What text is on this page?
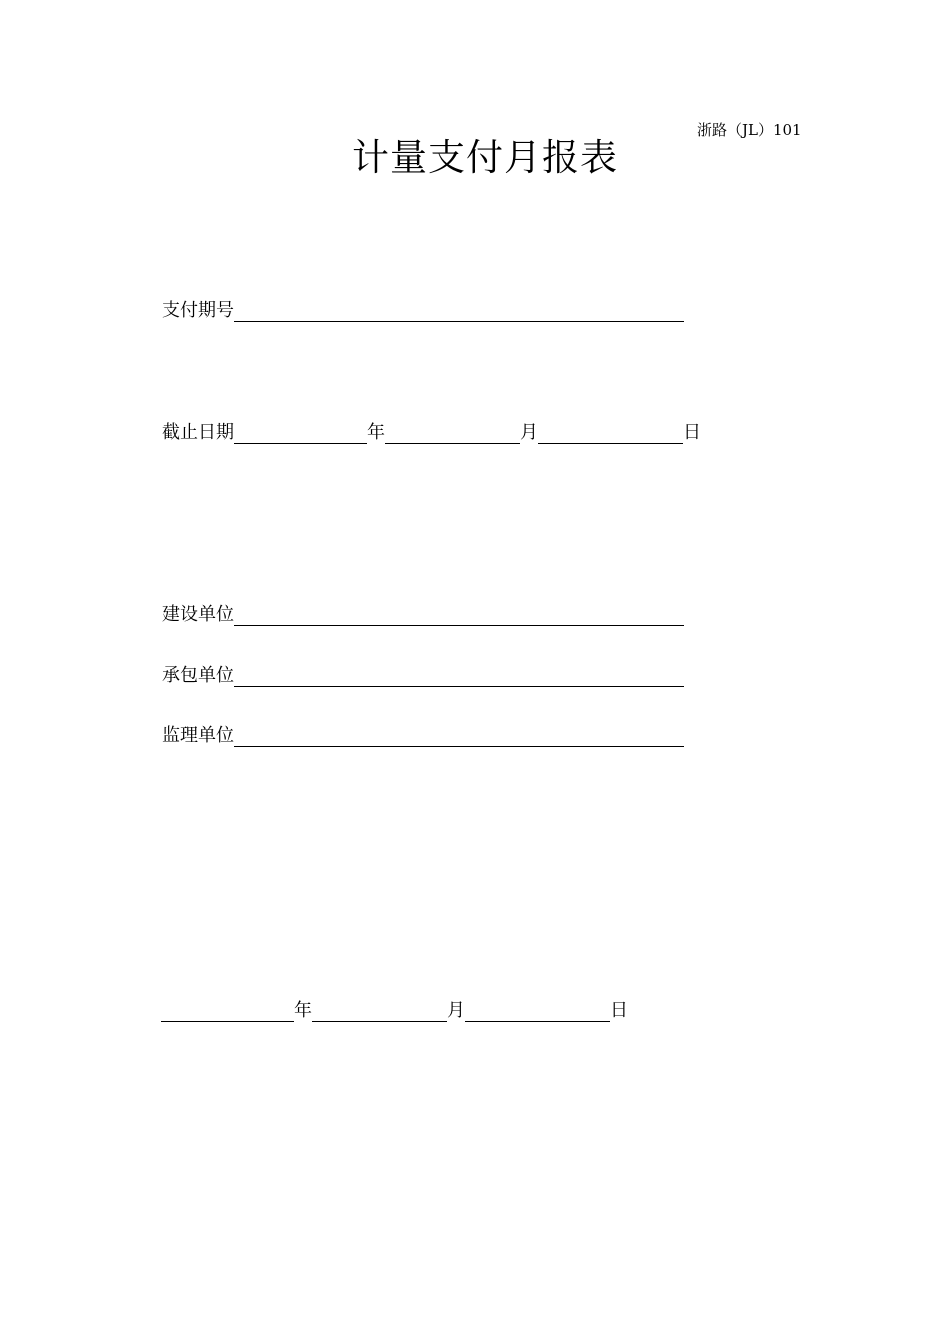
浙路（JL）101
计量支付月报表
支付期号
截止日期	年	月	日
建设单位
承包单位
监理单位
年	月	日
